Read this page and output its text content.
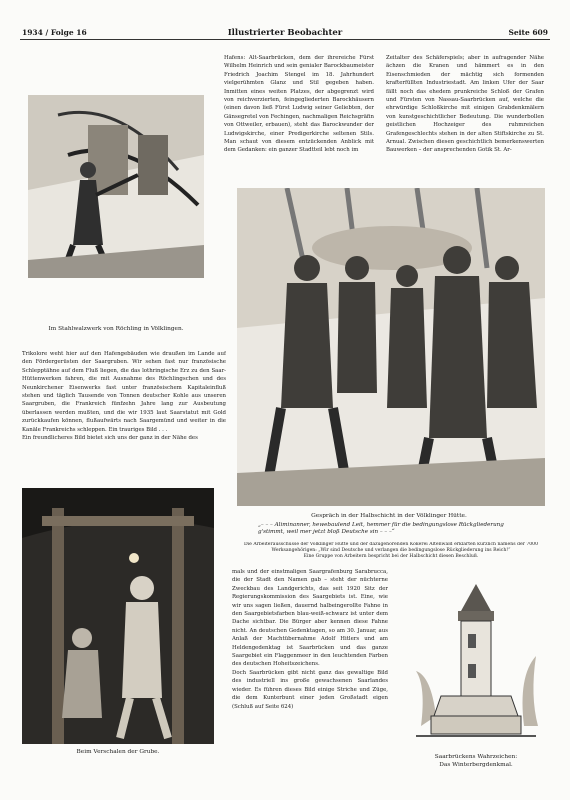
1934 / Folge 16	Illustrierter Beobachter	Seite 609
Im Stahlwalzwerk von Röchling in Völklingen.

Hafens: Alt-Saarbrücken, dem der ihrereiche Fürst Wilhelm Heinrich und sein genialer Barockbaumeister Friedrich Joachim Stengel im 18. Jahrhundert vielgerühmten Glanz und Stil gegeben haben. Inmitten eines weiten Platzes, der abgegrenzt wird von reichverzierten, feingegliederten Barockhäusern (einen davon ließ Fürst Ludwig seiner Geliebten, der Gänsegretel von Fechingen, nachmaligen Reichsgräfin von Ottweiler, erbauen), steht das Barockwunder der Ludwigskirche, einer Predigerkirche seltenen Stils. Man schaut von diesem entzückenden Anblick mit dem Gedanken: ein ganzer Stadtteil lebt noch im

Zeitalter des Schäferspiels; aber in aufragender Nähe ächzen die Kranen und hämmert es in den Eisenschmieden der mächtig sich formenden krafterfüllten Industriestadt. Am linken Ufer der Saar fällt noch das ehedem prunkreiche Schloß der Grafen und Fürsten von Nassau-Saarbrücken auf, welche die ehrwürdige Schloßkirche mit einigen Grabdenkmälern von kunstgeschichtlicher Bedeutung. Die wunderbollen geistlichen Hochzeiger des ruhmreichen Grafengeschlechts stehen in der alten Stiftskirche zu St. Arnual. Zwischen diesen geschichtlich bemerkenswerten Bauwerken – der ansprechenden Gotik St. Ar-

Gespräch in der Halbschicht in der Völklinger Hütte.
„– – – Aliminanner, hewebaulend Leit, hemmer für die bedingungslose Rückgliederung g'stimmt, weil mer jetzt bloß Deutsche sin – – –“
Die Arbeiterausschüsse der Völklinger Hütte und der dazugehörenden Kokerei Altenwald erklärten kürzlich namens der 7000 Werksangehörigen: „Wir sind Deutsche und verlangen die bedingungslose Rückgliederung ins Reich!“
Eine Gruppe von Arbeitern bespricht bei der Halbschicht diesen Beschluß.

Trikolore weht hier auf den Hafengebäuden wie draußen im Lande auf den Fördergerüsten der Saargruben. Wir sehen fast nur französische Schlepptähne auf dem Fluß liegen, die das lothringische Erz zu den Saar-Hüttenwerken fahren, die mit Ausnahme des Röchlingschen und des Neunkirchener Eisenwerks fast unter französischem Kapitaleinfluß stehen und täglich Tausende von Tonnen deutscher Kohle aus unseren Saargruben, die Frankreich fünfzehn Jahre lang zur Ausbeutung überlassen werden mußten, und die wir 1935 laut Saarstatut mit Gold zurückkaufen können, flußaufwärts nach Saargemünd und weiter in die Kanäle Frankreichs schleppen. Ein trauriges Bild . . .

Ein freundlicheres Bild bietet sich uns der ganz in der Nähe des

Beim Verschalen der Grube.

mals und der einstmaligen Saargrafenburg Sarabrucca, die der Stadt den Namen gab – steht der nüchterne Zweckbau des Landgerichts, das seit 1920 Sitz der Regierungskommission des Saargebiets ist. Eine, wie wir uns sagen ließen, dauernd halbeingerollte Fahne in den Saargebietsfarben blau-weiß-schwarz ist unter dem Dache sichtbar. Die Bürger aber kennen diese Fahne nicht. An deutschen Gedenktagen, so am 30. Januar, aus Anlaß der Machtübernahme Adolf Hitlers und am Heldengedenktag ist Saarbrücken und das ganze Saargebiet ein Flaggenmeer in den leuchtenden Farben des deutschen Hoheitszeichens.

Doch Saarbrücken gibt nicht ganz das gewaltige Bild des industriell ins große gewachsenen Saarlandes wieder. Es führen dieses Bild einige Striche und Züge, die dem Kunterbunt einer jeden Großstadt eigen (Schluß auf Seite 624)

Saarbrückens Wahrzeichen:
Das Winterbergdenkmal.
